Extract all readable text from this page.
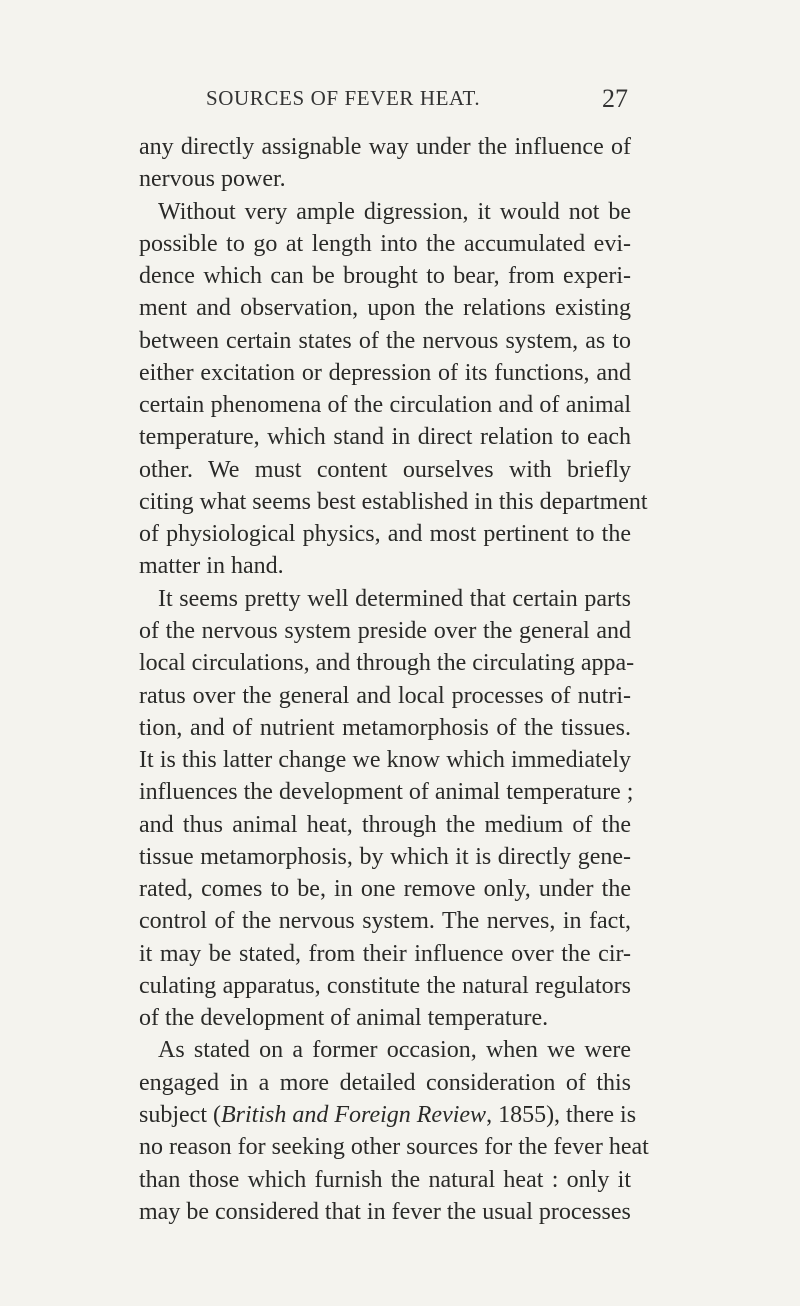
SOURCES OF FEVER HEAT.	27
any directly assignable way under the influence of
nervous power.
Without very ample digression, it would not be
possible to go at length into the accumulated evi-
dence which can be brought to bear, from experi-
ment and observation, upon the relations existing
between certain states of the nervous system, as to
either excitation or depression of its functions, and
certain phenomena of the circulation and of animal
temperature, which stand in direct relation to each
other. We must content ourselves with briefly
citing what seems best established in this department
of physiological physics, and most pertinent to the
matter in hand.
It seems pretty well determined that certain parts
of the nervous system preside over the general and
local circulations, and through the circulating appa-
ratus over the general and local processes of nutri-
tion, and of nutrient metamorphosis of the tissues.
It is this latter change we know which immediately
influences the development of animal temperature ;
and thus animal heat, through the medium of the
tissue metamorphosis, by which it is directly gene-
rated, comes to be, in one remove only, under the
control of the nervous system. The nerves, in fact,
it may be stated, from their influence over the cir-
culating apparatus, constitute the natural regulators
of the development of animal temperature.
As stated on a former occasion, when we were
engaged in a more detailed consideration of this
subject (British and Foreign Review, 1855), there is
no reason for seeking other sources for the fever heat
than those which furnish the natural heat : only it
may be considered that in fever the usual processes
